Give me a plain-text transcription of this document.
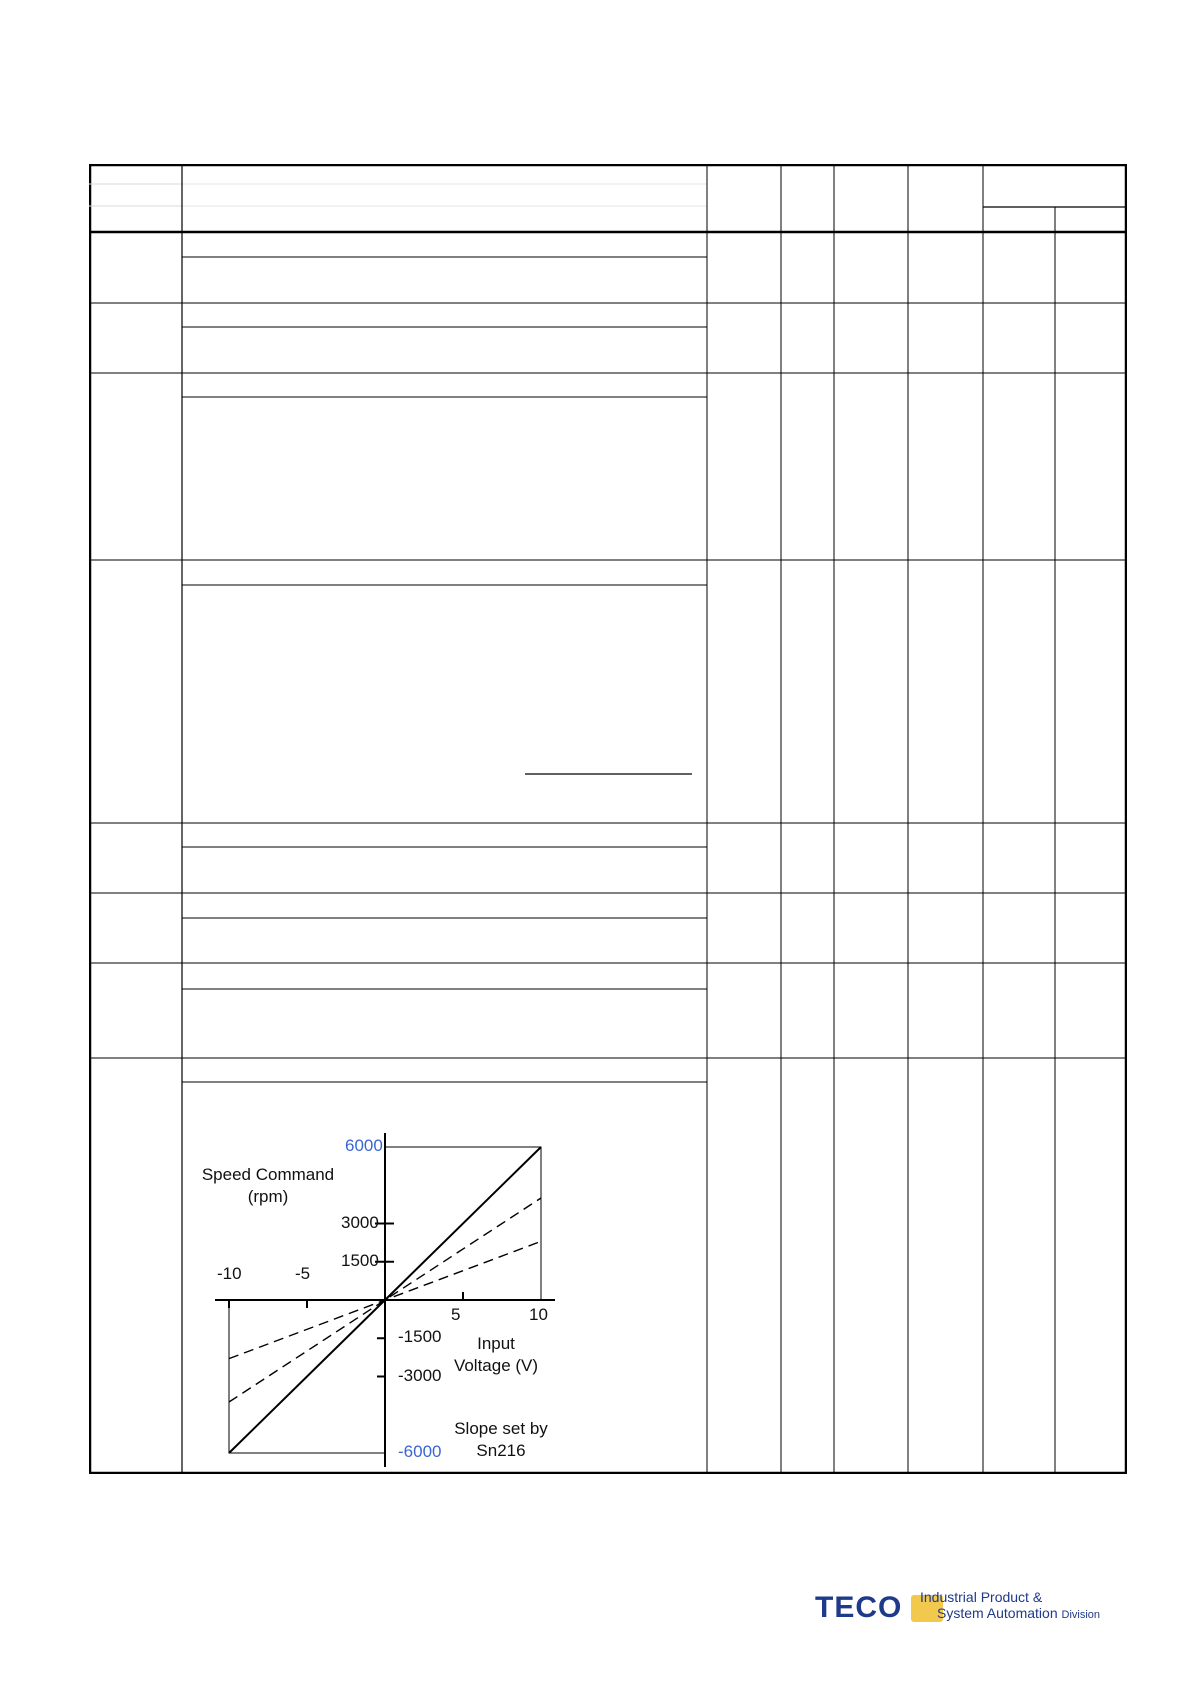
Speed Command
(rpm)
Input
Voltage (V)
Slope set by
Sn216
-10	-5
5	10
6000
3000
1500
-1500
-3000
-6000
TECO Industrial Product &
System Automation Division
